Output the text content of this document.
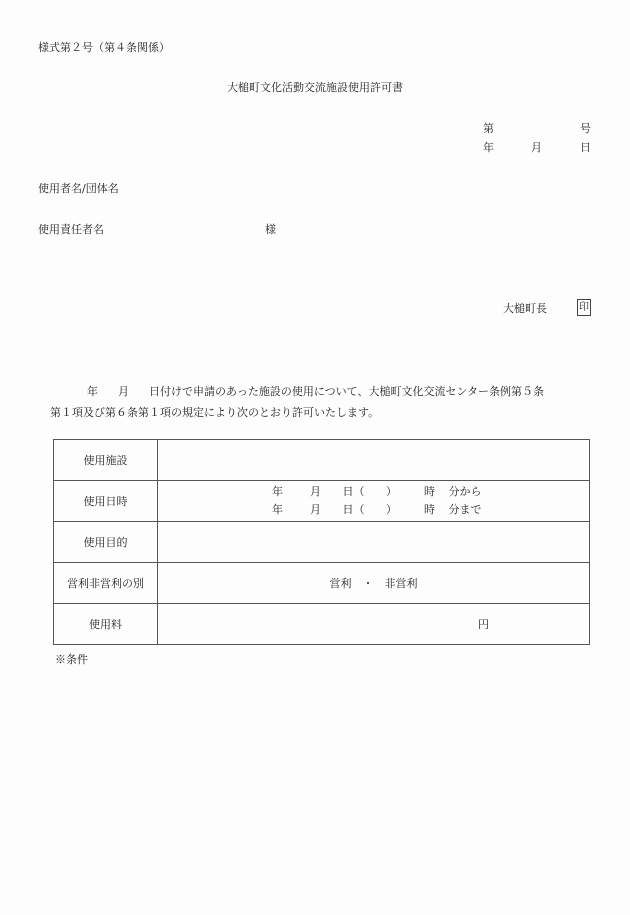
様式第２号（第４条関係）
大槌町文化活動交流施設使用許可書
第	号
年	月	日
使用者名/団体名
使用責任者名	様
大槌町長	印
年 月 日付けで申請のあった施設の使用について、大槌町文化交流センター条例第５条
第１項及び第６条第１項の規定により次のとおり許可いたします。
使用施設	
使用日時	年 月 日（ ） 時 分から
年 月 日（ ） 時 分まで

使用目的	
営利非営利の別	営利　・　非営利
使用料	円
※条件
